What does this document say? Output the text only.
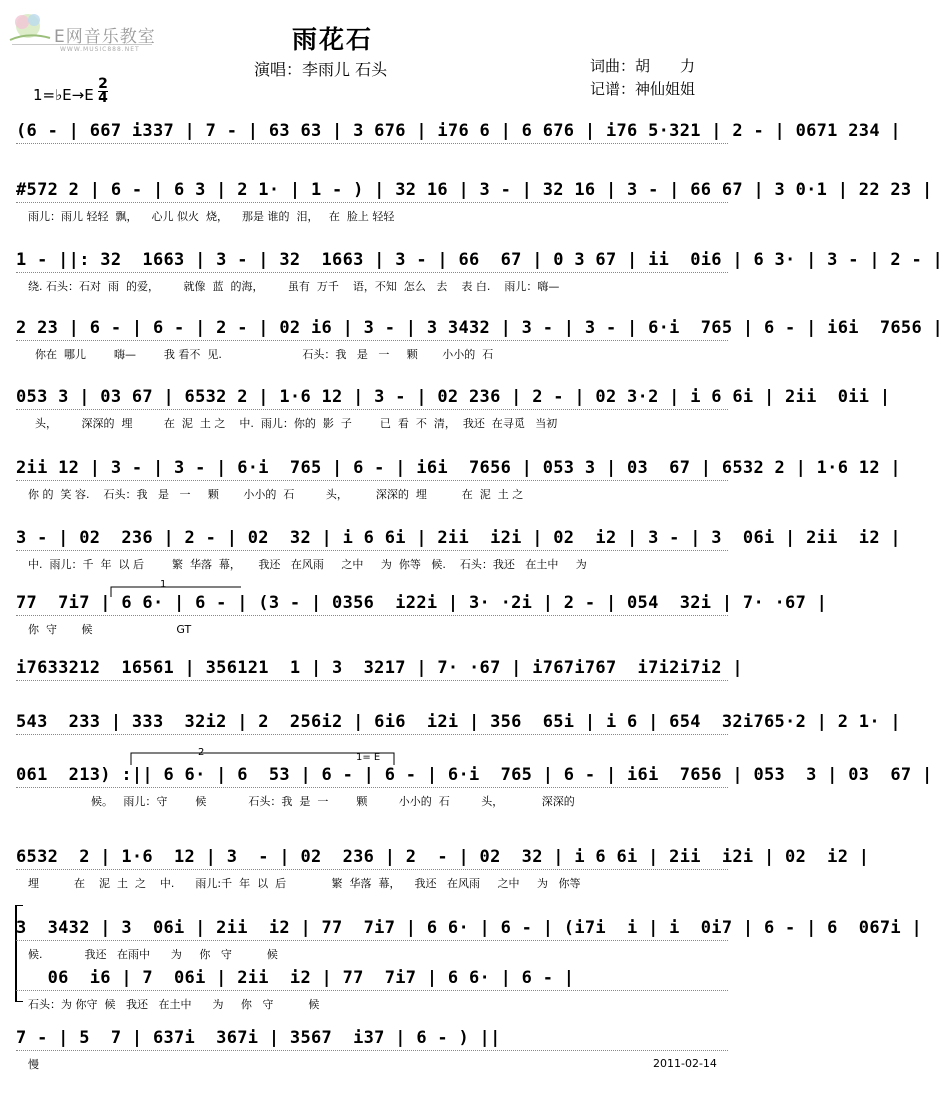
E网音乐教室
WWW.MUSIC888.NET	雨花石
演唱：李雨儿 石头	词曲：胡　　力
记谱：神仙姐姐
1=♭E→E
2
4
(6 - | 667 i337 | 7 - | 63 63 | 3 676 | i76 6 | 6 676 | i76 5·321 | 2 - | 0671 234 |
#572 2 | 6 - | 6 3 | 2 1· | 1 - ) | 32 16 | 3 - | 32 16 | 3 - | 66 67 | 3 0·1 | 22 23 |
雨儿：雨儿 轻轻  飘，    心儿 似火  烧，    那是 谁的  泪，   在  脸上 轻轻
1 - ||: 32  1663 | 3 - | 32  1663 | 3 - | 66  67 | 0 3 67 | ii  0i6 | 6 3· | 3 - | 2 - |
绕. 石头：石对  雨  的爱，       就像  蓝  的海，       虽有  万千    语，不知  怎么   去    表 白.    雨儿：嗨—
2 23 | 6 - | 6 - | 2 - | 02 i6 | 3 - | 3 3432 | 3 - | 3 - | 6·i  765 | 6 - | i6i  7656 |
你在  哪儿        嗨—        我 看不  见.                       石头：我   是   一     颗       小小的  石
053 3 | 03 67 | 6532 2 | 1·6 12 | 3 - | 02 236 | 2 - | 02 3·2 | i 6 6i | 2ii  0ii |
头，       深深的  埋         在  泥  土 之    中.  雨儿：你的  影  子        已  看  不  清，  我还  在寻觅   当初
2ii 12 | 3 - | 3 - | 6·i  765 | 6 - | i6i  7656 | 053 3 | 03  67 | 6532 2 | 1·6 12 |
你 的  笑 容.    石头：我   是   一     颗       小小的  石         头，        深深的  埋          在  泥  土 之
3 - | 02  236 | 2 - | 02  32 | i 6 6i | 2ii  i2i | 02  i2 | 3 - | 3  06i | 2ii  i2 |
中.  雨儿：千  年  以 后        繁  华落  幕，     我还   在风雨     之中     为  你等   候.    石头：我还   在土中     为
1
77  7i7 | 6 6· | 6 - | (3 - | 0356  i22i | 3· ·2i | 2 - | 054  32i | 7· ·67 |
你  守       候                        GT
i7633212  16561 | 356121  1 | 3  3217 | 7· ·67 | i767i767  i7i2i7i2 |
543  233 | 333  32i2 | 2  256i2 | 6i6  i2i | 356  65i | i 6 | 654  32i765·2 | 2 1· |
2	1= E
061  213) :|| 6 6· | 6  53 | 6 - | 6 - | 6·i  765 | 6 - | i6i  7656 | 053  3 | 03  67 |
候。   雨儿：守        候            石头：我  是  一        颗         小小的  石         头，           深深的
6532  2 | 1·6  12 | 3  - | 02  236 | 2  - | 02  32 | i 6 6i | 2ii  i2i | 02  i2 |
埋          在    泥  土  之    中.      雨儿:千  年  以  后             繁  华落  幕，    我还   在风雨     之中     为   你等
3  3432 | 3  06i | 2ii  i2 | 77  7i7 | 6 6· | 6 - | (i7i  i | i  0i7 | 6 - | 6  067i |
候.            我还   在雨中      为     你   守          候
06  i6 | 7  06i | 2ii  i2 | 77  7i7 | 6 6· | 6 - |
石头：为 你守  候   我还   在土中      为     你   守          候
7 - | 5  7 | 637i  367i | 3567  i37 | 6 - ) ||
慢	2011-02-14
